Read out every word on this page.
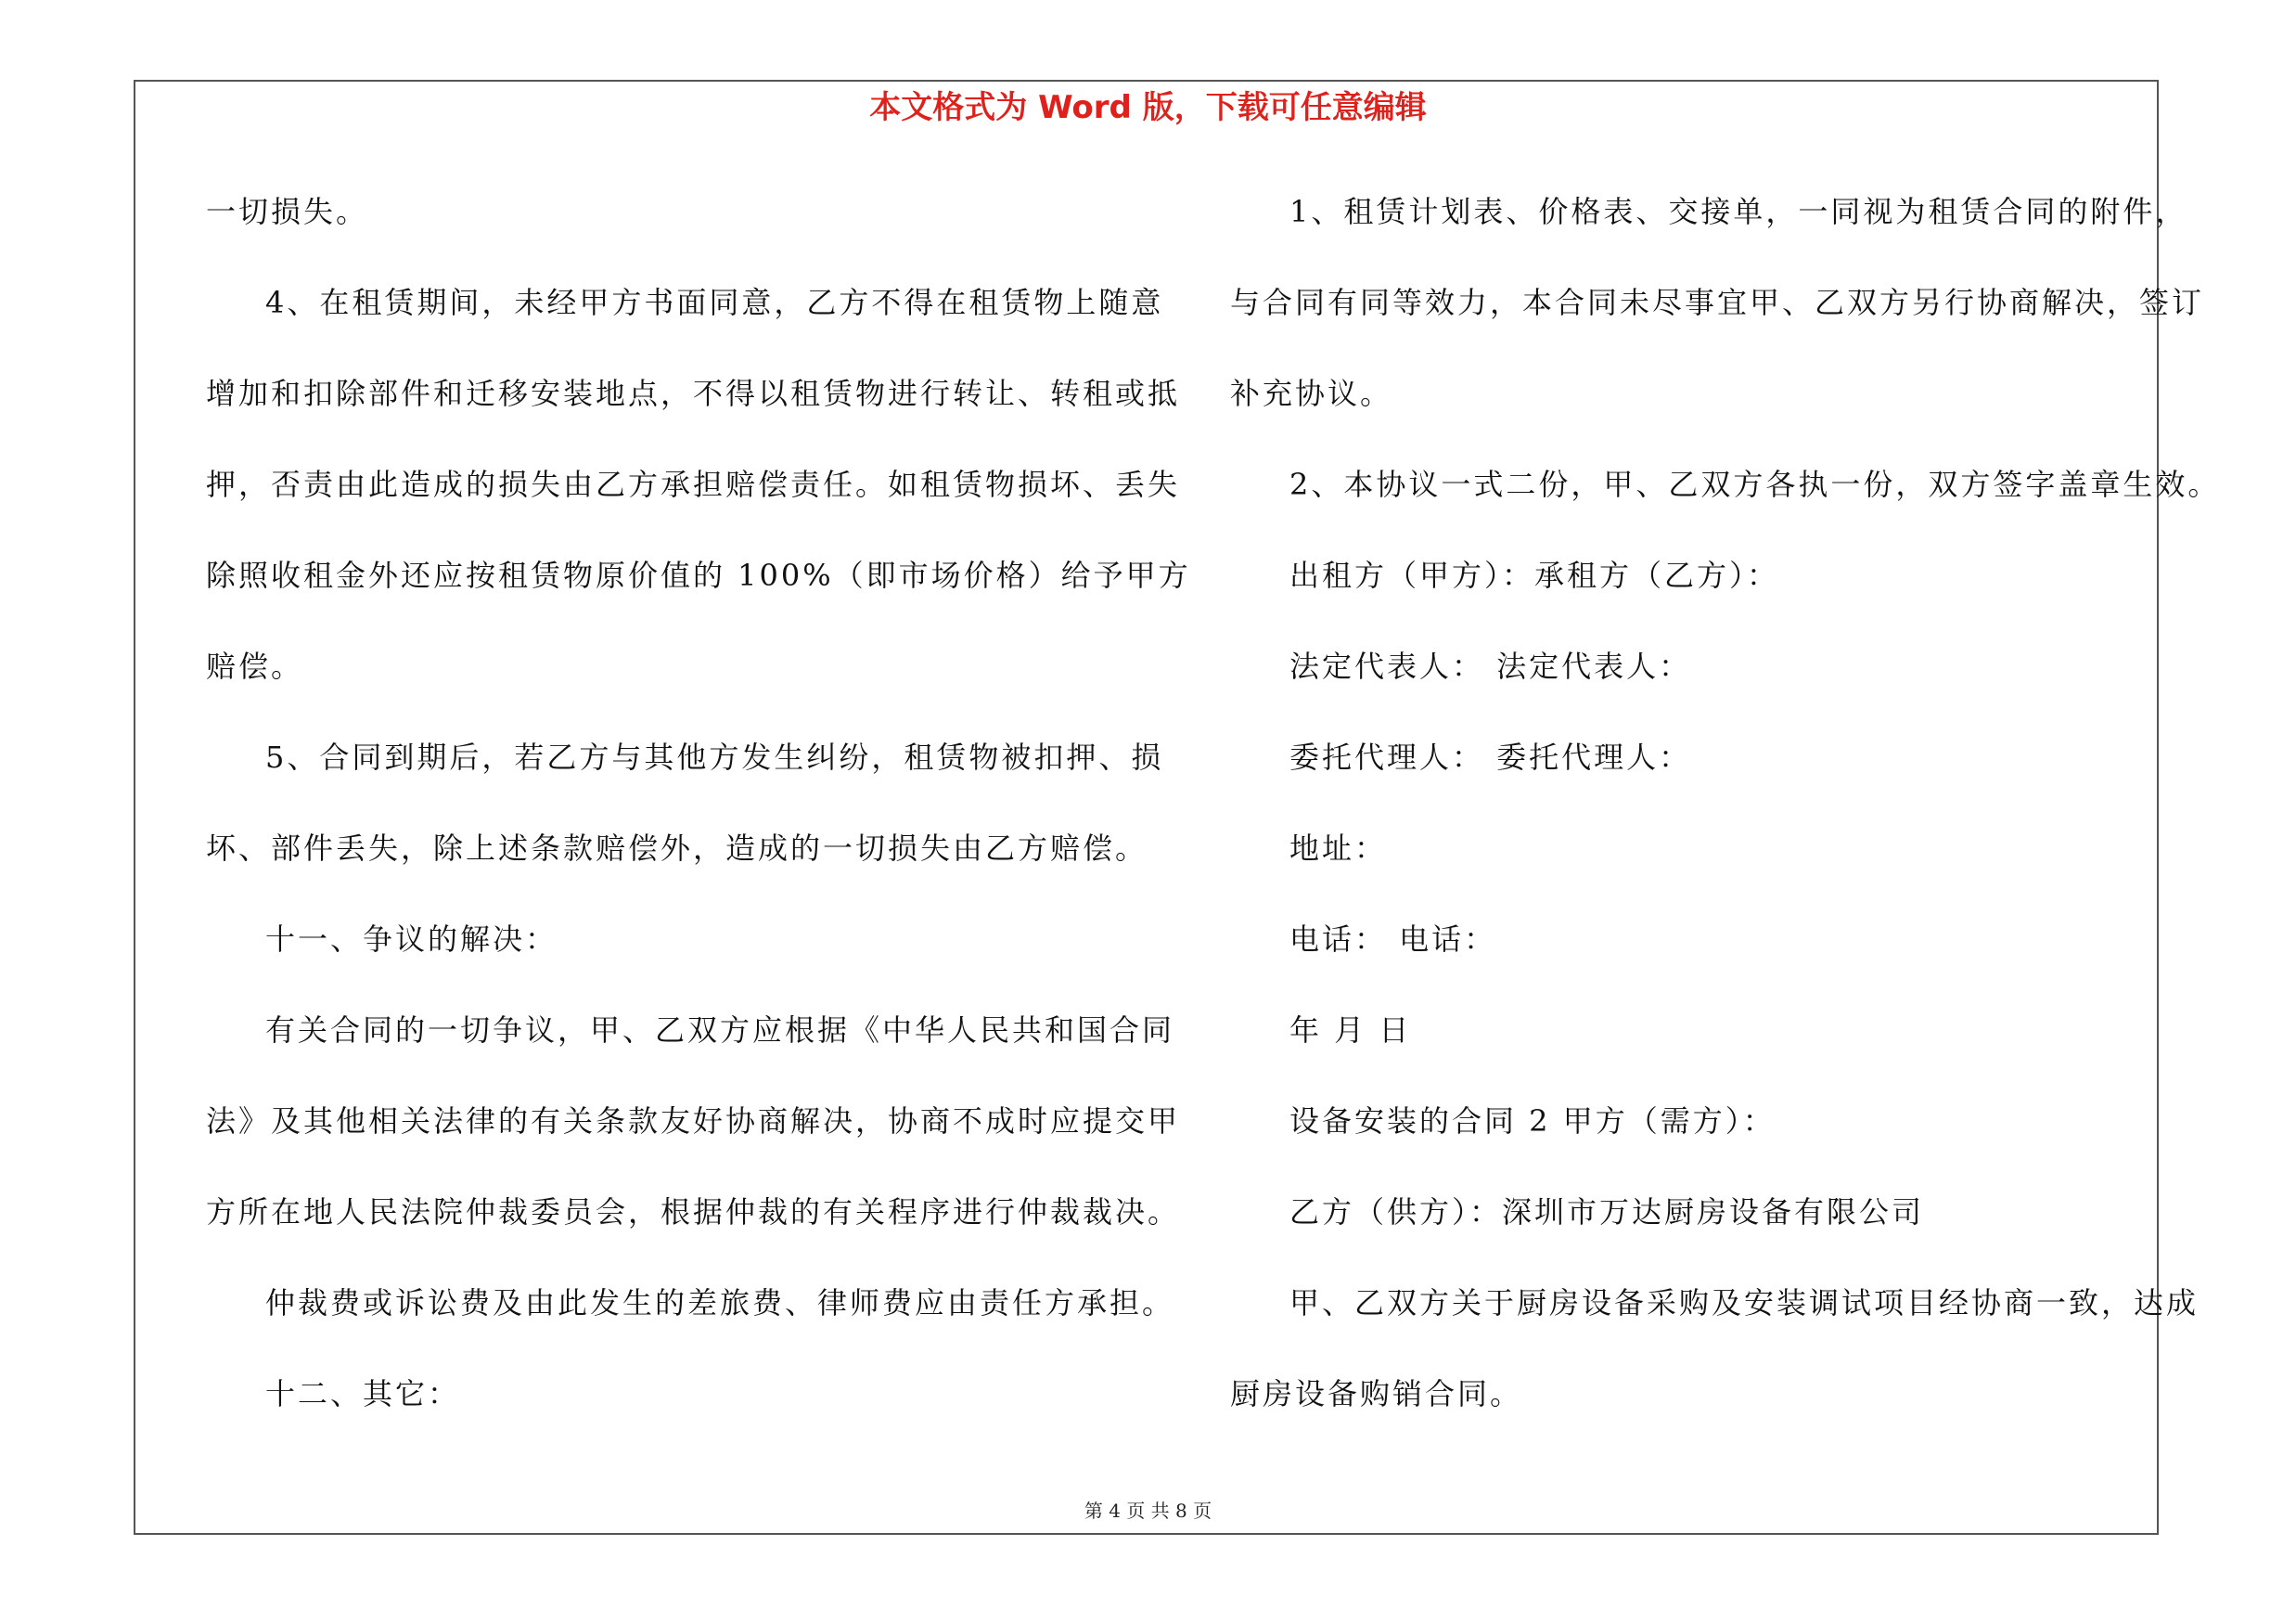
本文格式为 Word 版，下载可任意编辑
一切损失。
4、在租赁期间，未经甲方书面同意，乙方不得在租赁物上随意
增加和扣除部件和迁移安装地点，不得以租赁物进行转让、转租或抵
押，否责由此造成的损失由乙方承担赔偿责任。如租赁物损坏、丢失
除照收租金外还应按租赁物原价值的 100%（即市场价格）给予甲方
赔偿。
5、合同到期后，若乙方与其他方发生纠纷，租赁物被扣押、损
坏、部件丢失，除上述条款赔偿外，造成的一切损失由乙方赔偿。
十一、争议的解决：
有关合同的一切争议，甲、乙双方应根据《中华人民共和国合同
法》及其他相关法律的有关条款友好协商解决，协商不成时应提交甲
方所在地人民法院仲裁委员会，根据仲裁的有关程序进行仲裁裁决。
仲裁费或诉讼费及由此发生的差旅费、律师费应由责任方承担。
十二、其它：
1、租赁计划表、价格表、交接单，一同视为租赁合同的附件，
与合同有同等效力，本合同未尽事宜甲、乙双方另行协商解决，签订
补充协议。
2、本协议一式二份，甲、乙双方各执一份，双方签字盖章生效。
出租方（甲方）：承租方（乙方）：
法定代表人： 法定代表人：
委托代理人： 委托代理人：
地址：
电话： 电话：
年 月 日
设备安装的合同 2 甲方（需方）：
乙方（供方）：深圳市万达厨房设备有限公司
甲、乙双方关于厨房设备采购及安装调试项目经协商一致，达成
厨房设备购销合同。
第 4 页 共 8 页
